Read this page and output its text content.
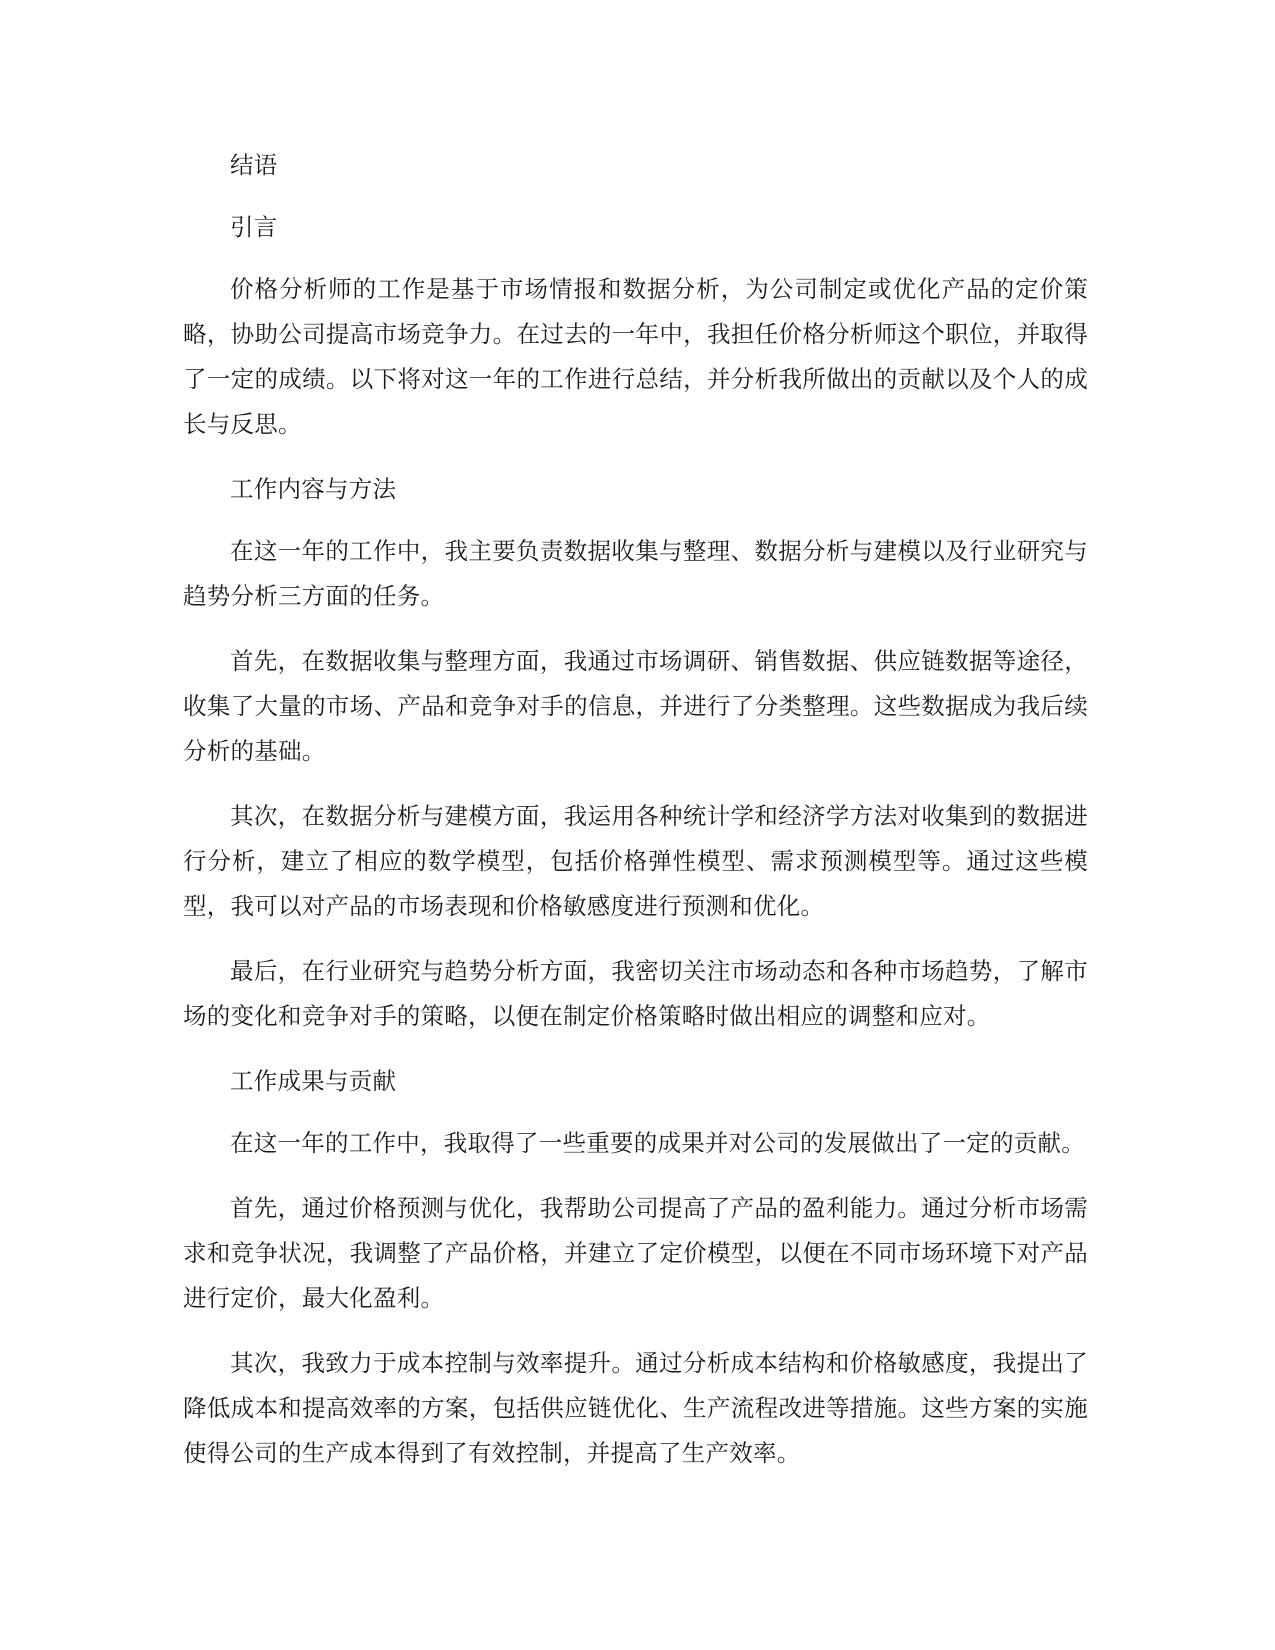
结语

引言

价格分析师的工作是基于市场情报和数据分析，为公司制定或优化产品的定价策略，协助公司提高市场竞争力。在过去的一年中，我担任价格分析师这个职位，并取得了一定的成绩。以下将对这一年的工作进行总结，并分析我所做出的贡献以及个人的成长与反思。

工作内容与方法

在这一年的工作中，我主要负责数据收集与整理、数据分析与建模以及行业研究与趋势分析三方面的任务。

首先，在数据收集与整理方面，我通过市场调研、销售数据、供应链数据等途径，收集了大量的市场、产品和竞争对手的信息，并进行了分类整理。这些数据成为我后续分析的基础。

其次，在数据分析与建模方面，我运用各种统计学和经济学方法对收集到的数据进行分析，建立了相应的数学模型，包括价格弹性模型、需求预测模型等。通过这些模型，我可以对产品的市场表现和价格敏感度进行预测和优化。

最后，在行业研究与趋势分析方面，我密切关注市场动态和各种市场趋势，了解市场的变化和竞争对手的策略，以便在制定价格策略时做出相应的调整和应对。

工作成果与贡献

在这一年的工作中，我取得了一些重要的成果并对公司的发展做出了一定的贡献。

首先，通过价格预测与优化，我帮助公司提高了产品的盈利能力。通过分析市场需求和竞争状况，我调整了产品价格，并建立了定价模型，以便在不同市场环境下对产品进行定价，最大化盈利。

其次，我致力于成本控制与效率提升。通过分析成本结构和价格敏感度，我提出了降低成本和提高效率的方案，包括供应链优化、生产流程改进等措施。这些方案的实施使得公司的生产成本得到了有效控制，并提高了生产效率。
